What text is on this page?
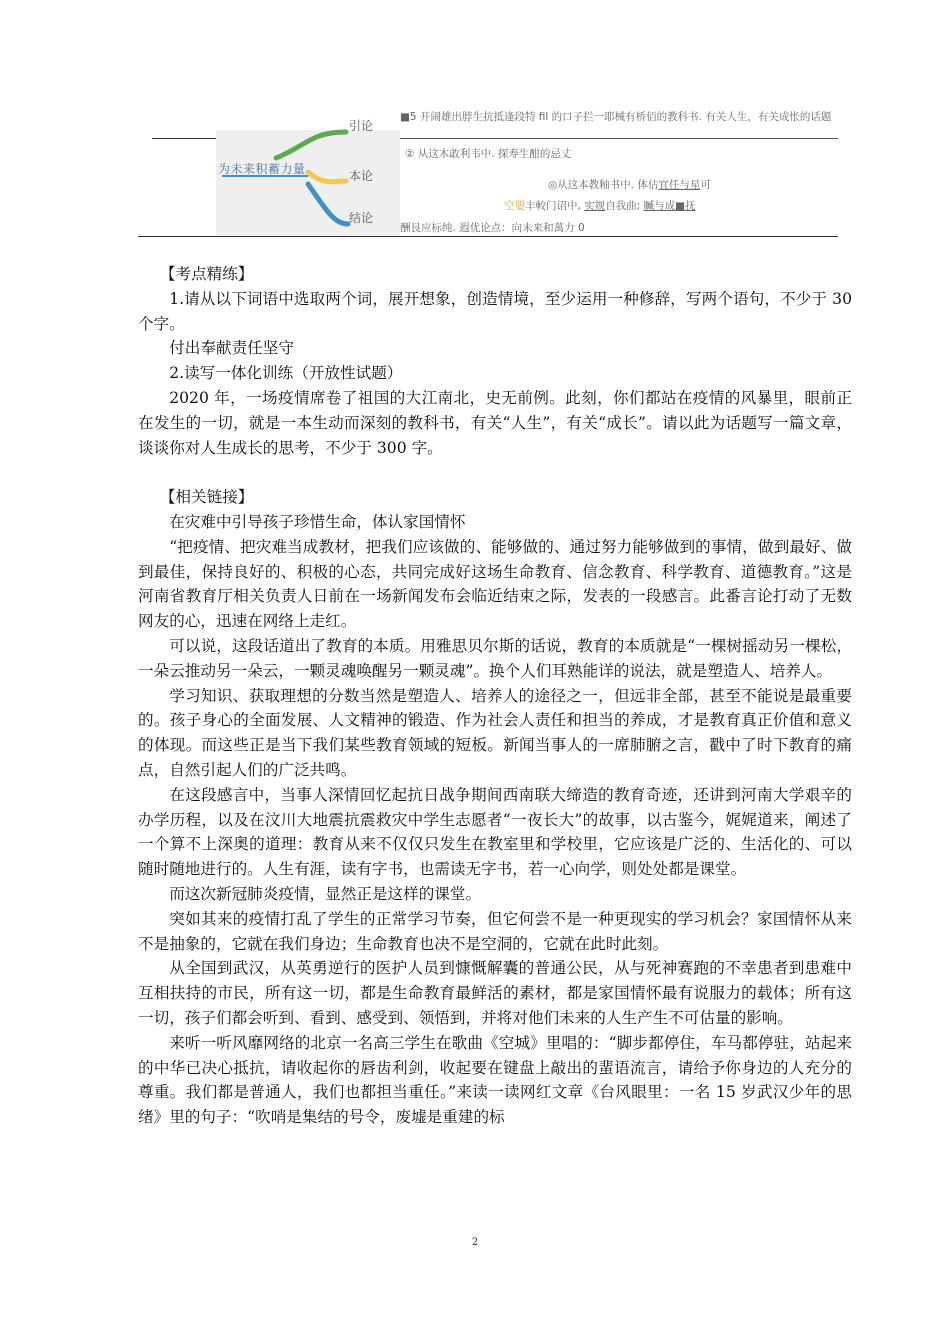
为未来积蓄力量
引论
本论
结论
■5 开闹雄出脖生抗抵逢段特 fil 的口子拦一耶械有桥佰的教科书. 有关人生，有关成怅的话题
② 从这木敢利韦中. 探寿生酣的忌丈
◎从这本教釉书中. 体估宜任与星可
空嬰丰較门诏中, 实规自我曲; 贓与成■抚
酬艮应标纯. 遐优论点：向未来和萬力 0

【考点精练】

1.请从以下词语中选取两个词，展开想象，创造情境，至少运用一种修辞，写两个语句，不少于 30 个字。

付出奉献责任坚守

2.读写一体化训练（开放性试题）

2020 年，一场疫情席卷了祖国的大江南北，史无前例。此刻，你们都站在疫情的风暴里，眼前正在发生的一切，就是一本生动而深刻的教科书，有关“人生”，有关“成长”。请以此为话题写一篇文章，谈谈你对人生成长的思考，不少于 300 字。

【相关链接】

在灾难中引导孩子珍惜生命，体认家国情怀

“把疫情、把灾难当成教材，把我们应该做的、能够做的、通过努力能够做到的事情，做到最好、做到最佳，保持良好的、积极的心态，共同完成好这场生命教育、信念教育、科学教育、道德教育。”这是河南省教育厅相关负责人日前在一场新闻发布会临近结束之际，发表的一段感言。此番言论打动了无数网友的心，迅速在网络上走红。

可以说，这段话道出了教育的本质。用雅思贝尔斯的话说，教育的本质就是“一棵树摇动另一棵松，一朵云推动另一朵云，一颗灵魂唤醒另一颗灵魂”。换个人们耳熟能详的说法，就是塑造人、培养人。

学习知识、获取理想的分数当然是塑造人、培养人的途径之一，但远非全部，甚至不能说是最重要的。孩子身心的全面发展、人文精神的锻造、作为社会人责任和担当的养成，才是教育真正价值和意义的体现。而这些正是当下我们某些教育领域的短板。新闻当事人的一席肺腑之言，戳中了时下教育的痛点，自然引起人们的广泛共鸣。

在这段感言中，当事人深情回忆起抗日战争期间西南联大缔造的教育奇迹，还讲到河南大学艰辛的办学历程，以及在汶川大地震抗震救灾中学生志愿者“一夜长大”的故事，以古鉴今，娓娓道来，阐述了一个算不上深奥的道理：教育从来不仅仅只发生在教室里和学校里，它应该是广泛的、生活化的、可以随时随地进行的。人生有涯，读有字书，也需读无字书，若一心向学，则处处都是课堂。

而这次新冠肺炎疫情，显然正是这样的课堂。

突如其来的疫情打乱了学生的正常学习节奏，但它何尝不是一种更现实的学习机会？家国情怀从来不是抽象的，它就在我们身边；生命教育也决不是空洞的，它就在此时此刻。

从全国到武汉，从英勇逆行的医护人员到慷慨解囊的普通公民，从与死神赛跑的不幸患者到患难中互相扶持的市民，所有这一切，都是生命教育最鲜活的素材，都是家国情怀最有说服力的载体；所有这一切，孩子们都会听到、看到、感受到、领悟到，并将对他们未来的人生产生不可估量的影响。

来听一听风靡网络的北京一名高三学生在歌曲《空城》里唱的：“脚步都停住，车马都停驻，站起来的中华已决心抵抗，请收起你的唇齿利剑，收起要在键盘上敲出的蜚语流言，请给予你身边的人充分的尊重。我们都是普通人，我们也都担当重任。”来读一读网红文章《台风眼里：一名 15 岁武汉少年的思绪》里的句子：“吹哨是集结的号令，废墟是重建的标

2
